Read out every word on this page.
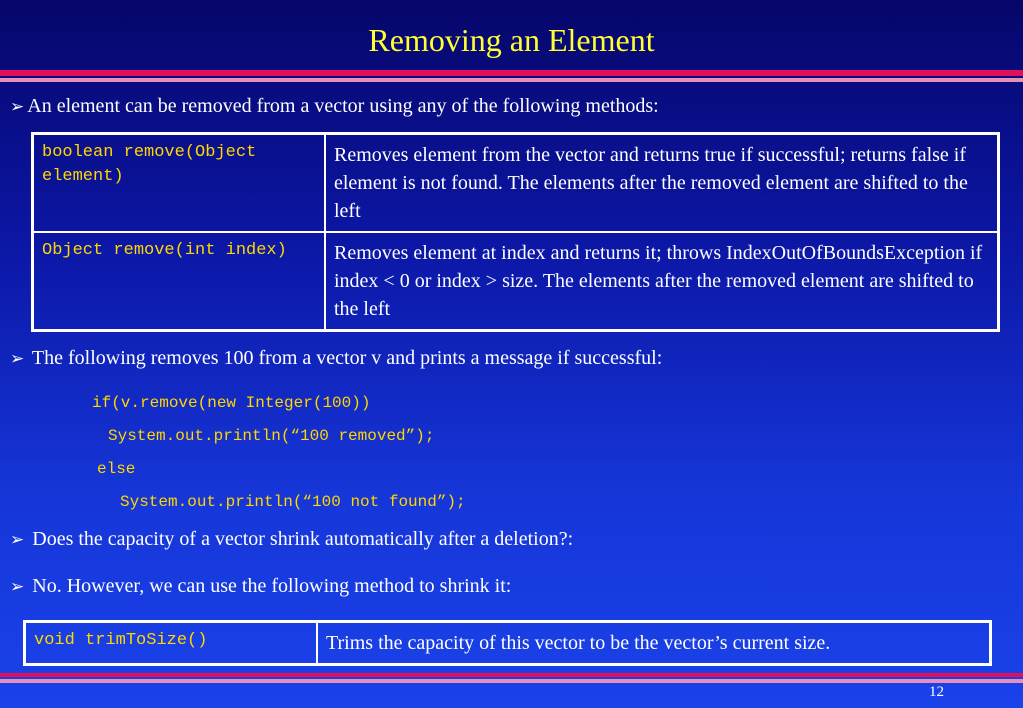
Removing an Element
➢ An element can be removed from a vector using any of the following methods:
boolean remove(Object element)	Removes element from the vector and returns true if successful; returns false if element is not found. The elements after the removed element are shifted to the left
Object remove(int index)	Removes element at index and returns it; throws IndexOutOfBoundsException if index < 0 or index > size. The elements after the removed element are shifted to the left
➢ The following removes 100 from a vector v and prints a message if successful:
if(v.remove(new Integer(100))
System.out.println(“100 removed”);
else
System.out.println(“100 not found”);
➢ Does the capacity of a vector shrink automatically after a deletion?:
➢ No. However, we can use the following method to shrink it:
void trimToSize()	Trims the capacity of this vector to be the vector’s current size.
12
